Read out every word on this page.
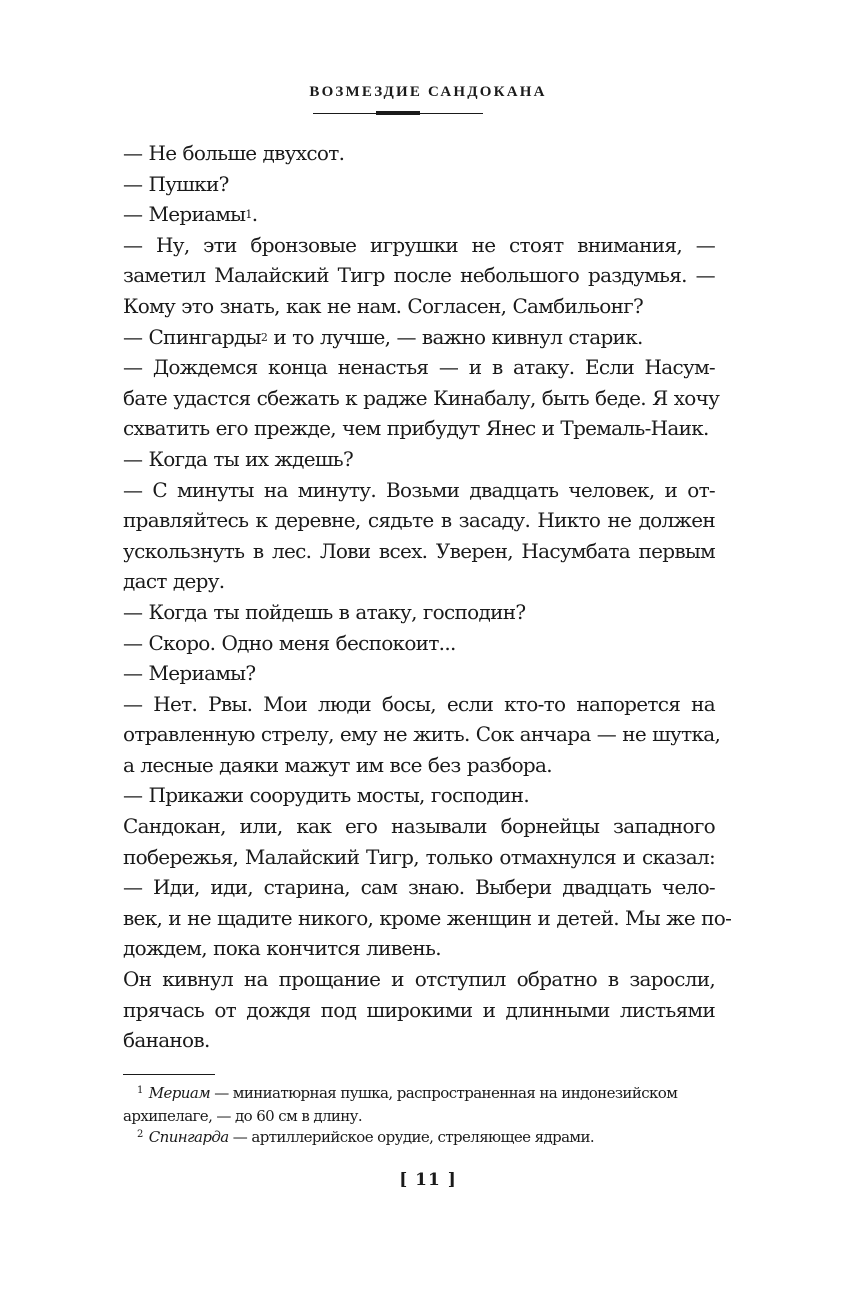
ВОЗМЕЗДИЕ САНДОКАНА
— Не больше двухсот.
— Пушки?
— Мериамы$^1$.
— Ну, эти бронзовые игрушки не стоят внимания, —
заметил Малайский Тигр после небольшого раздумья. —
Кому это знать, как не нам. Согласен, Самбильонг?
— Спингарды$^2$ и то лучше, — важно кивнул старик.
— Дождемся конца ненастья — и в атаку. Если Насум-
бате удастся сбежать к радже Кинабалу, быть беде. Я хочу
схватить его прежде, чем прибудут Янес и Тремаль-Наик.
— Когда ты их ждешь?
— С минуты на минуту. Возьми двадцать человек, и от-
правляйтесь к деревне, сядьте в засаду. Никто не должен
ускользнуть в лес. Лови всех. Уверен, Насумбата первым
даст деру.
— Когда ты пойдешь в атаку, господин?
— Скоро. Одно меня беспокоит...
— Мериамы?
— Нет. Рвы. Мои люди босы, если кто-то напорется на
отравленную стрелу, ему не жить. Сок анчара — не шутка,
а лесные даяки мажут им все без разбора.
— Прикажи соорудить мосты, господин.
Сандокан, или, как его называли борнейцы западного
побережья, Малайский Тигр, только отмахнулся и сказал:
— Иди, иди, старина, сам знаю. Выбери двадцать чело-
век, и не щадите никого, кроме женщин и детей. Мы же по-
дождем, пока кончится ливень.
Он кивнул на прощание и отступил обратно в заросли,
прячась от дождя под широкими и длинными листьями
бананов.
$^1$ Мериам — миниатюрная пушка, распространенная на индонезийском
архипелаге, — до 60 см в длину.
$^2$ Спингарда — артиллерийское орудие, стреляющее ядрами.
[ 11 ]
